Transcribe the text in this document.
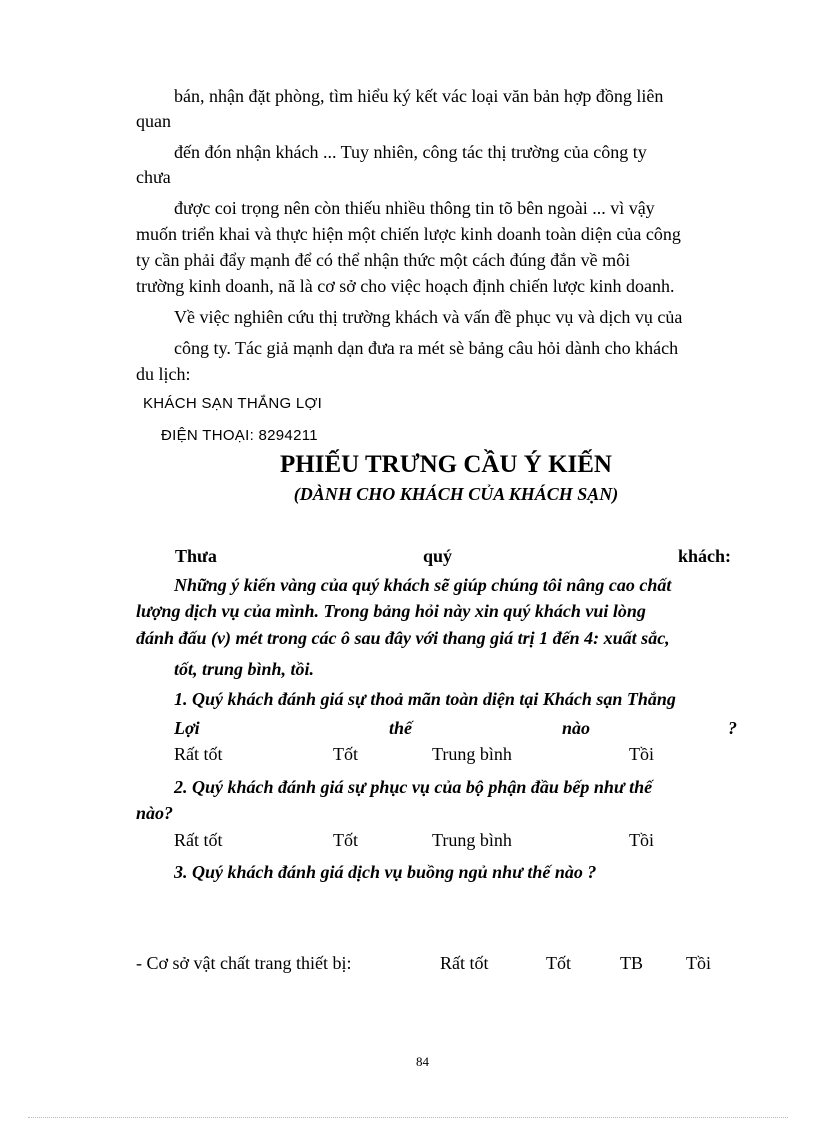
bán, nhận đặt phòng, tìm hiểu ký kết vác loại văn bản hợp đồng liên
quan
đến đón nhận khách ... Tuy nhiên, công tác thị trường của công ty
chưa
được coi trọng nên còn thiếu nhiều thông tin tõ bên ngoài ... vì vậy
muốn triển khai và thực hiện một chiến lược kinh doanh toàn diện của công
ty cần phải đẩy mạnh để có thể nhận thức một cách đúng đắn về môi
trường kinh doanh, nã là cơ sở cho việc hoạch định chiến lược kinh doanh.
Về việc nghiên cứu thị trường khách và vấn đề phục vụ và dịch vụ của
công ty. Tác giả mạnh dạn đưa ra mét sè bảng câu hỏi dành cho khách
du lịch:
KHÁCH SẠN THẮNG LỢI
ĐIỆN THOẠI: 8294211
PHIẾU TRƯNG CẦU Ý KIẾN
(DÀNH CHO KHÁCH CỦA KHÁCH SẠN)
Thưa	quý	khách:
Những ý kiến vàng của quý khách sẽ giúp chúng tôi nâng cao chất
lượng dịch vụ của mình. Trong bảng hỏi này xin quý khách vui lòng
đánh đấu (v) mét trong các ô sau đây với thang giá trị 1 đến 4: xuất sắc,
tốt, trung bình, tồi.
1. Quý khách đánh giá sự thoả mãn toàn diện tại Khách sạn Thắng
Lợi	thế	nào	?
Rất tốt	Tốt	Trung bình	Tồi
2. Quý khách đánh giá sự phục vụ của bộ phận đầu bếp như thế
nào?
Rất tốt	Tốt	Trung bình	Tồi
3. Quý khách đánh giá dịch vụ buồng ngủ như thế nào ?
- Cơ sở vật chất trang thiết bị:	Rất tốt	Tốt	TB Tồi
84
